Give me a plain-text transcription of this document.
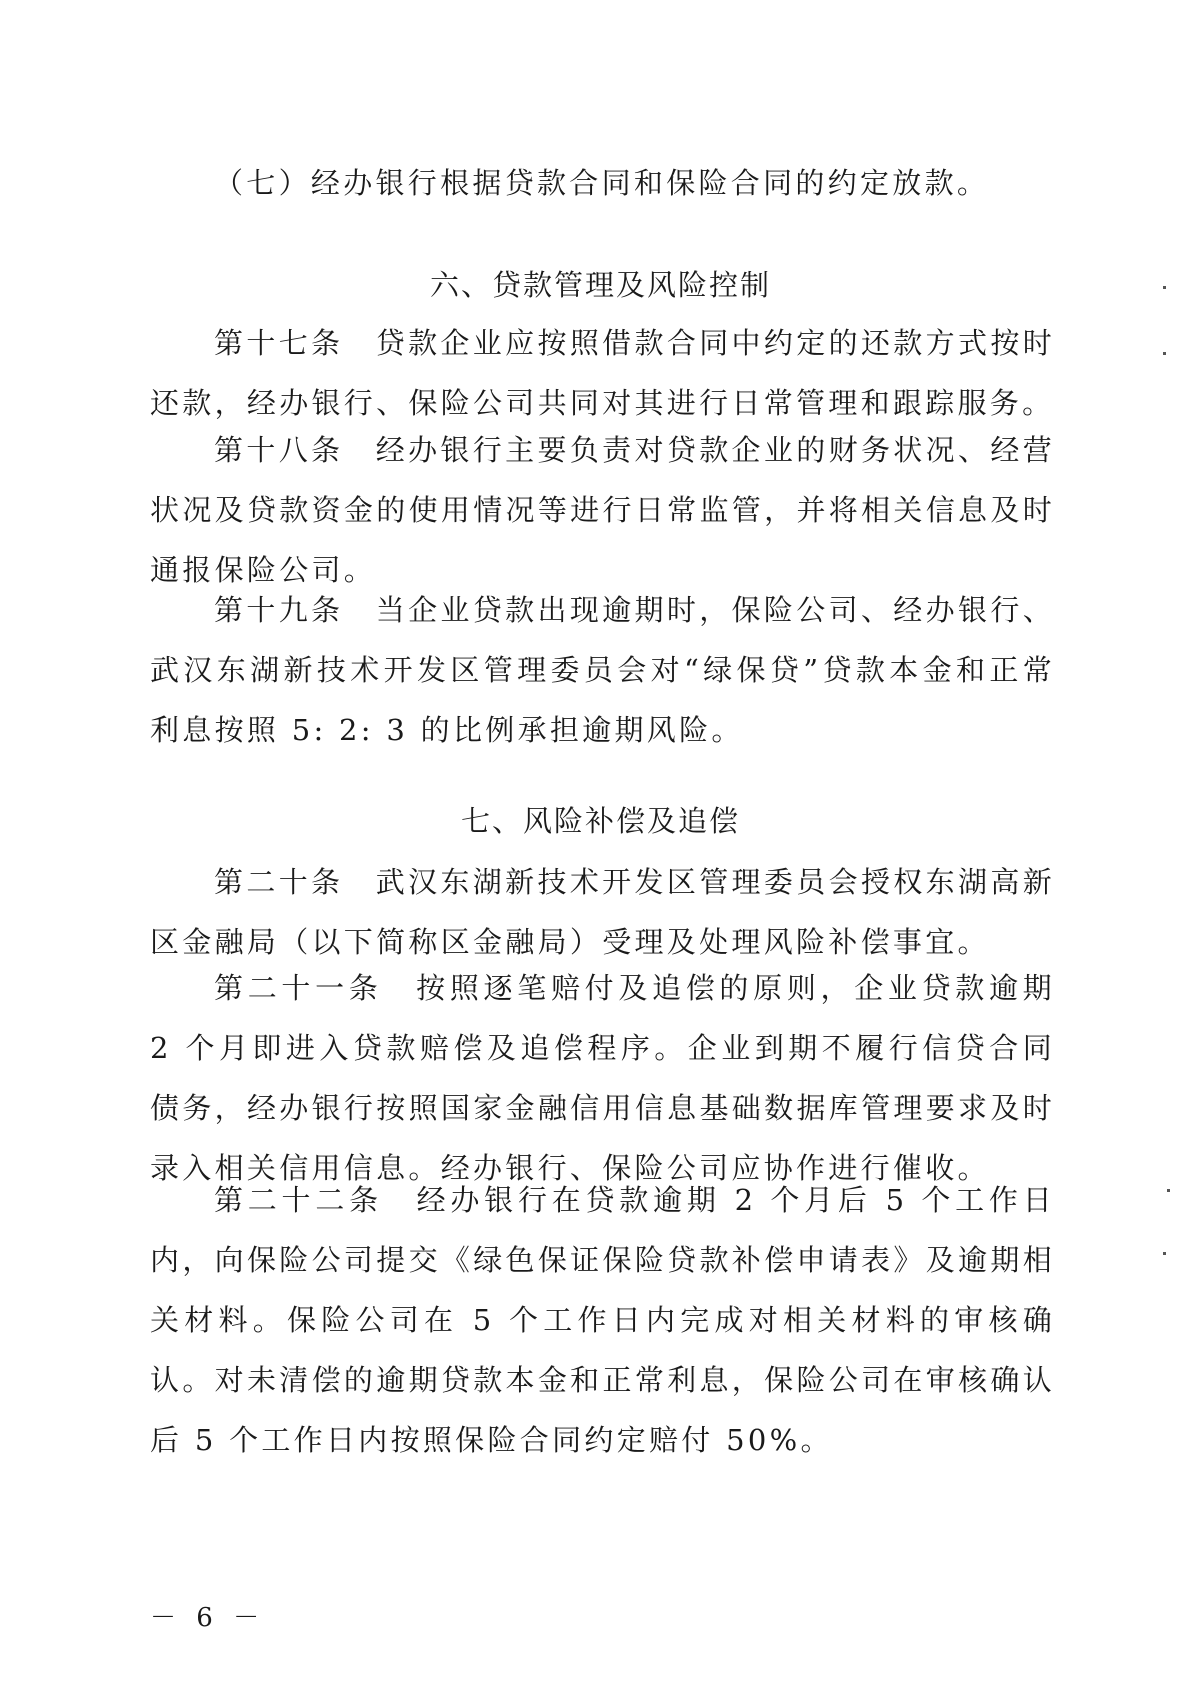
（七）经办银行根据贷款合同和保险合同的约定放款。

六、贷款管理及风险控制

第十七条　贷款企业应按照借款合同中约定的还款方式按时还款，经办银行、保险公司共同对其进行日常管理和跟踪服务。

第十八条　经办银行主要负责对贷款企业的财务状况、经营状况及贷款资金的使用情况等进行日常监管，并将相关信息及时通报保险公司。

第十九条　当企业贷款出现逾期时，保险公司、经办银行、武汉东湖新技术开发区管理委员会对“绿保贷”贷款本金和正常利息按照 5: 2: 3 的比例承担逾期风险。

七、风险补偿及追偿

第二十条　武汉东湖新技术开发区管理委员会授权东湖高新区金融局（以下简称区金融局）受理及处理风险补偿事宜。

第二十一条　按照逐笔赔付及追偿的原则，企业贷款逾期 2 个月即进入贷款赔偿及追偿程序。企业到期不履行信贷合同债务，经办银行按照国家金融信用信息基础数据库管理要求及时录入相关信用信息。经办银行、保险公司应协作进行催收。

第二十二条　经办银行在贷款逾期 2 个月后 5 个工作日内，向保险公司提交《绿色保证保险贷款补偿申请表》及逾期相关材料。保险公司在 5 个工作日内完成对相关材料的审核确认。对未清偿的逾期贷款本金和正常利息，保险公司在审核确认后 5 个工作日内按照保险合同约定赔付 50%。

－ 6 －
